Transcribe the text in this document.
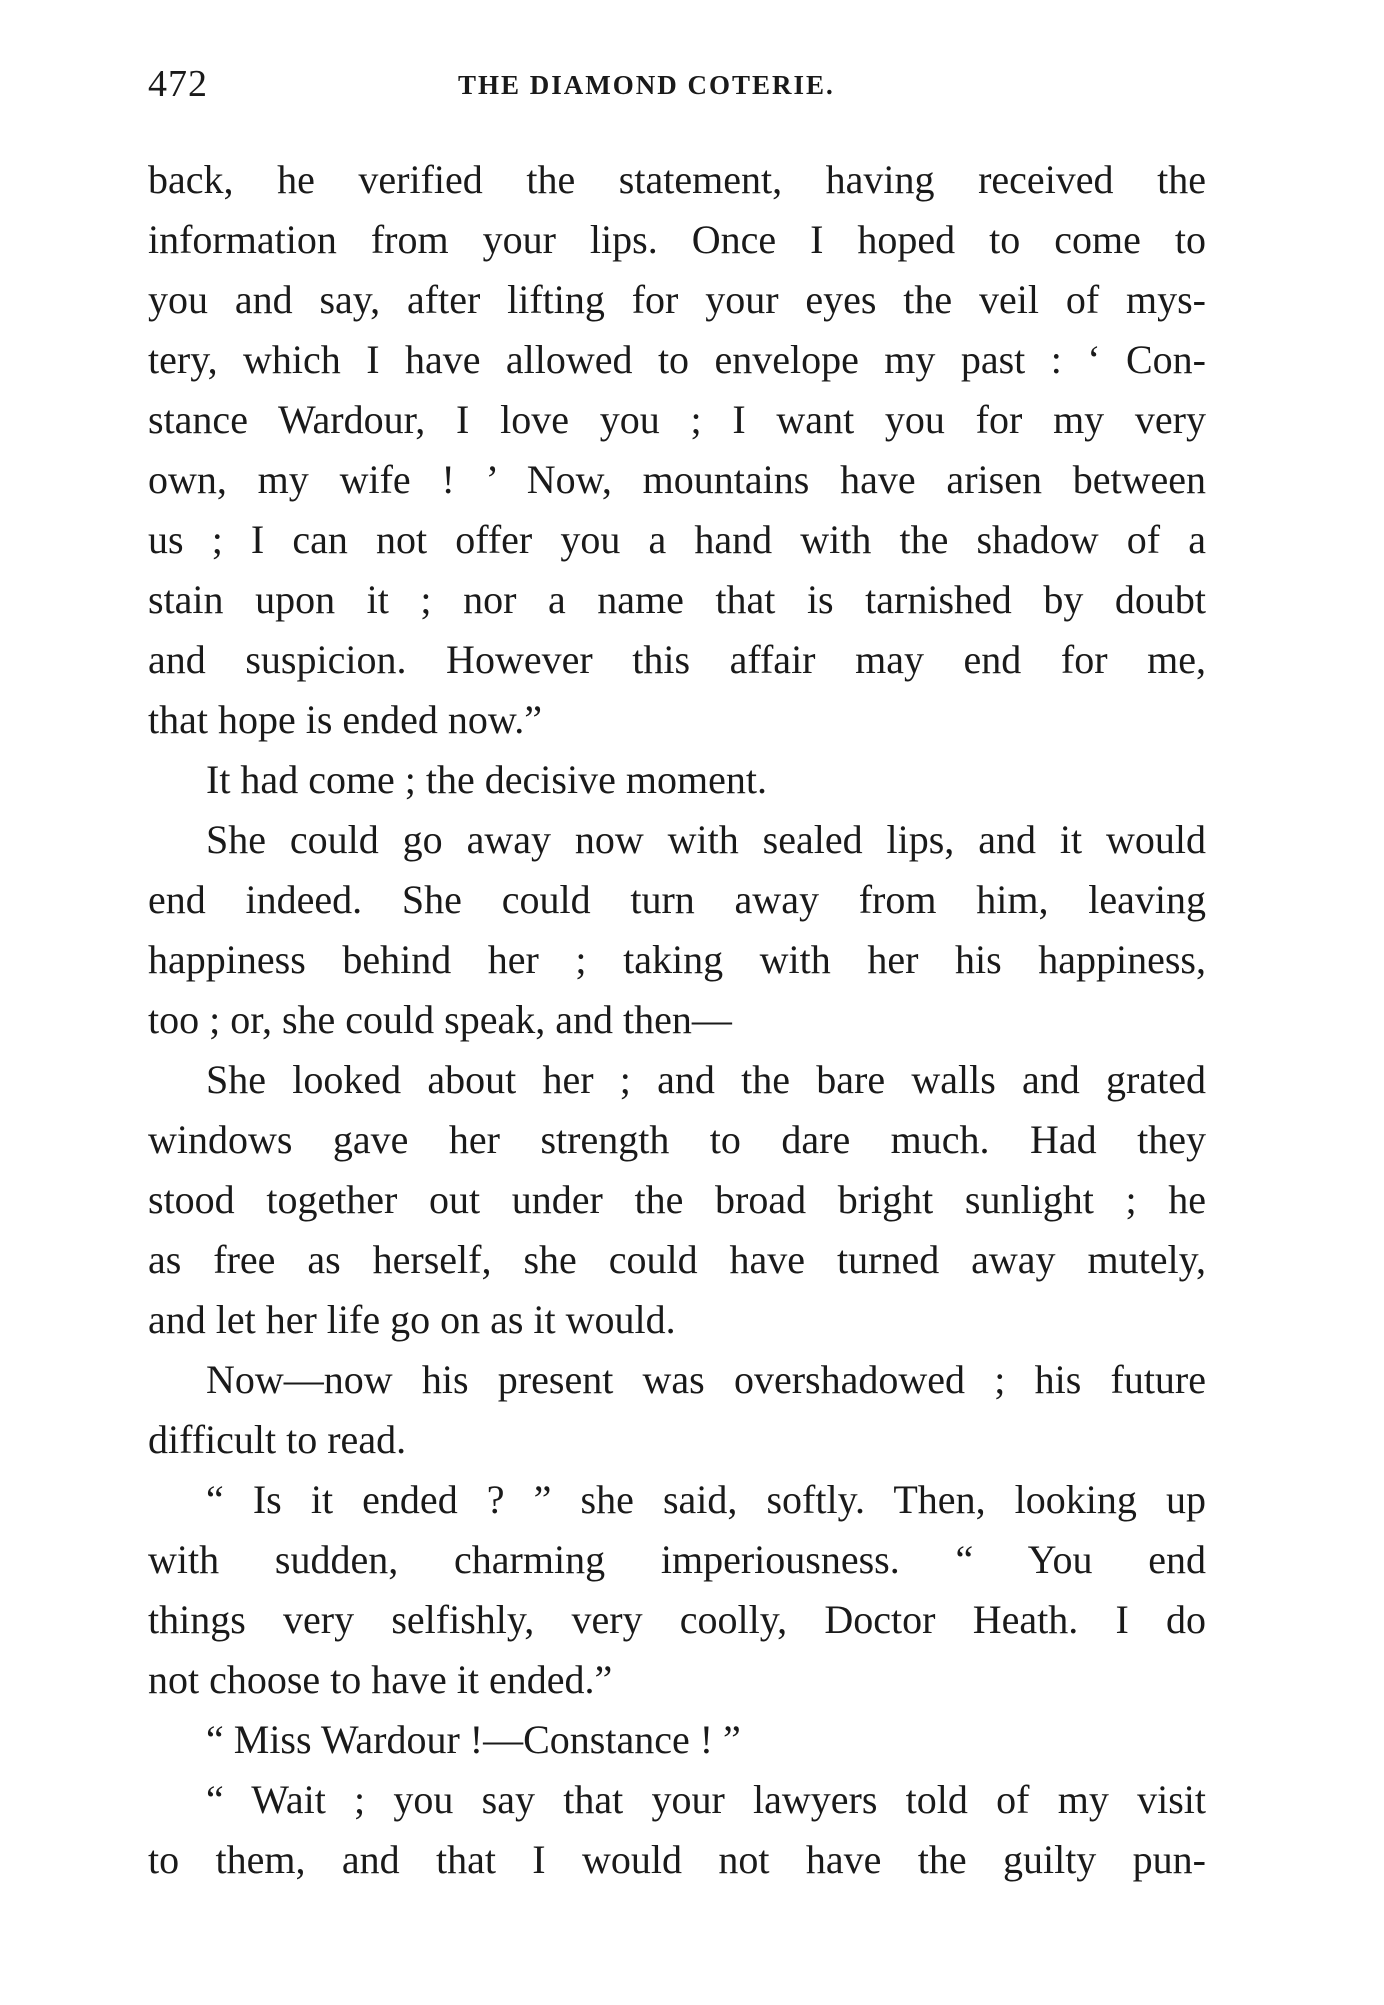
472	THE DIAMOND COTERIE.
back, he verified the statement, having received the
information from your lips. Once I hoped to come to
you and say, after lifting for your eyes the veil of mys-
tery, which I have allowed to envelope my past : ‘ Con-
stance Wardour, I love you ; I want you for my very
own, my wife ! ’ Now, mountains have arisen between
us ; I can not offer you a hand with the shadow of a
stain upon it ; nor a name that is tarnished by doubt
and suspicion. However this affair may end for me,
that hope is ended now.”
It had come ; the decisive moment.
She could go away now with sealed lips, and it would
end indeed. She could turn away from him, leaving
happiness behind her ; taking with her his happiness,
too ; or, she could speak, and then—
She looked about her ; and the bare walls and grated
windows gave her strength to dare much. Had they
stood together out under the broad bright sunlight ; he
as free as herself, she could have turned away mutely,
and let her life go on as it would.
Now—now his present was overshadowed ; his future
difficult to read.
“ Is it ended ? ” she said, softly. Then, looking up
with sudden, charming imperiousness. “ You end
things very selfishly, very coolly, Doctor Heath. I do
not choose to have it ended.”
“ Miss Wardour !—Constance ! ”
“ Wait ; you say that your lawyers told of my visit
to them, and that I would not have the guilty pun-
